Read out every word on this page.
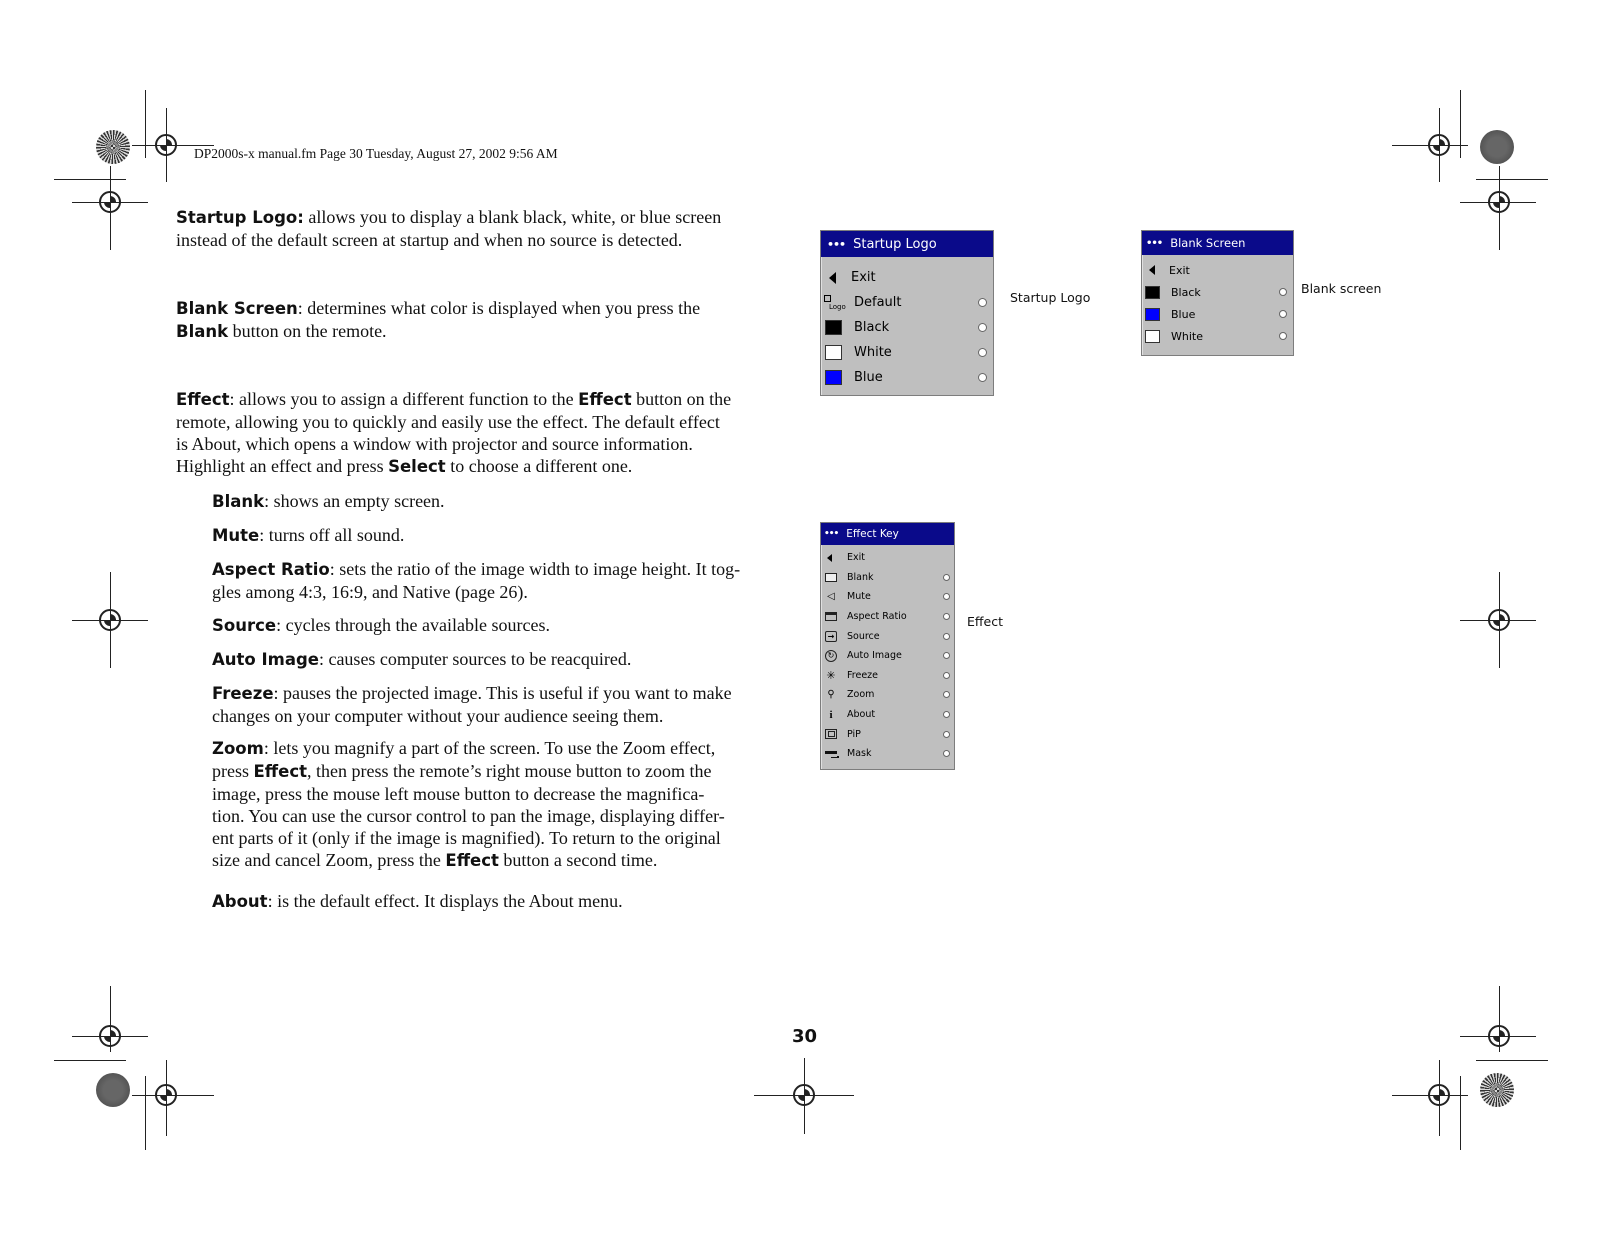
DP2000s-x manual.fm Page 30 Tuesday, August 27, 2002 9:56 AM
Startup Logo: allows you to display a blank black, white, or blue screen
instead of the default screen at startup and when no source is detected.
Blank Screen: determines what color is displayed when you press the
Blank button on the remote.
Effect: allows you to assign a different function to the Effect button on the
remote, allowing you to quickly and easily use the effect. The default effect
is About, which opens a window with projector and source information.
Highlight an effect and press Select to choose a different one.
Blank: shows an empty screen.
Mute: turns off all sound.
Aspect Ratio: sets the ratio of the image width to image height. It tog-
gles among 4:3, 16:9, and Native (page 26).
Source: cycles through the available sources.
Auto Image: causes computer sources to be reacquired.
Freeze: pauses the projected image. This is useful if you want to make
changes on your computer without your audience seeing them.
Zoom: lets you magnify a part of the screen. To use the Zoom effect,
press Effect, then press the remote’s right mouse button to zoom the
image, press the mouse left mouse button to decrease the magnifica-
tion. You can use the cursor control to pan the image, displaying differ-
ent parts of it (only if the image is magnified). To return to the original
size and cancel Zoom, press the Effect button a second time.
About: is the default effect. It displays the About menu.
••• Startup Logo
Exit

Logo Default
Black
White
Blue
Startup Logo
••• Blank Screen
Exit
Black
Blue
White
Blank screen
••• Effect Key
Exit
Blank
◁ Mute
Aspect Ratio
→ Source
↻ Auto Image
✳ Freeze
⚲ Zoom
i	About
PiP
Mask
Effect
30
